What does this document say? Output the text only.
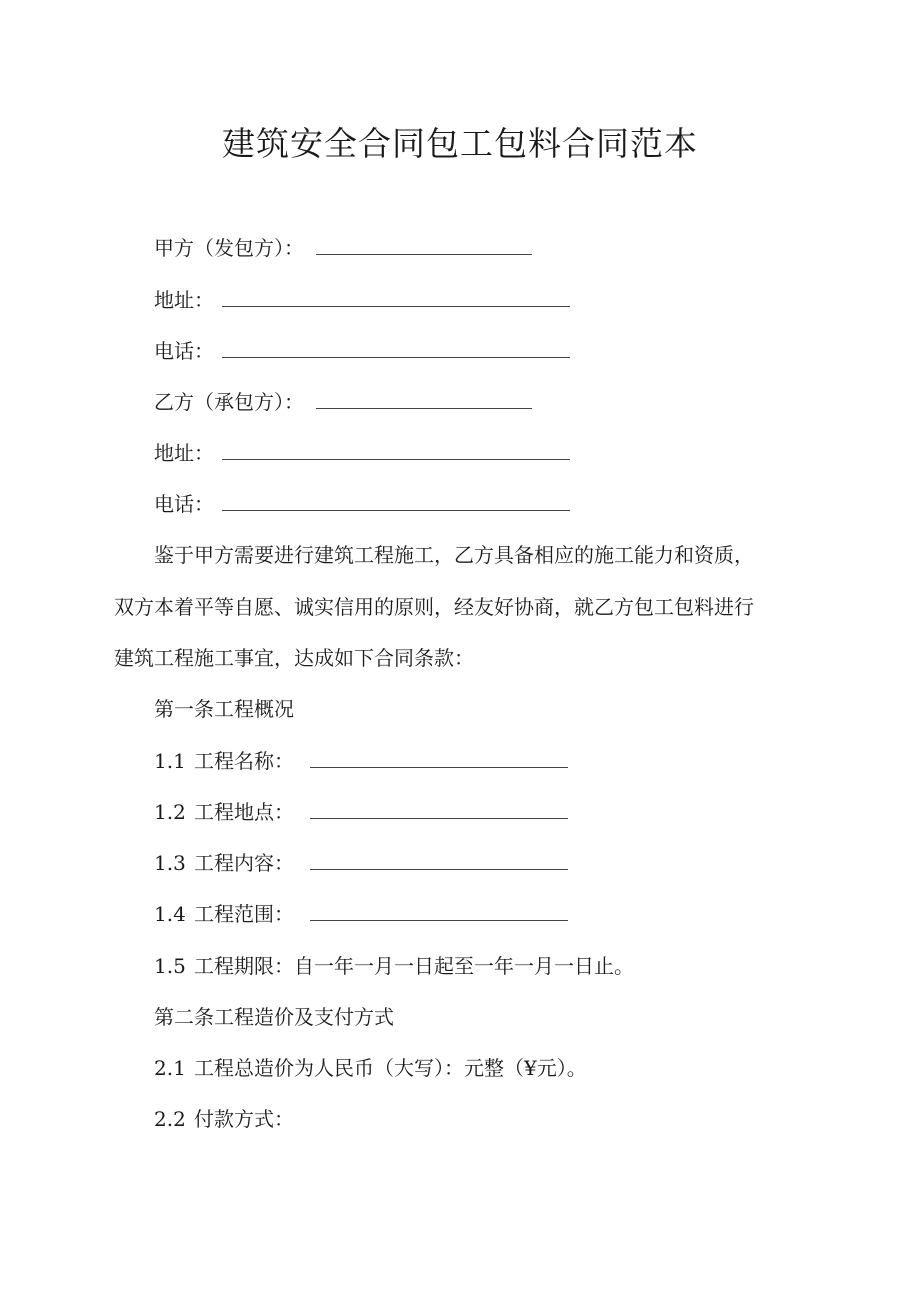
建筑安全合同包工包料合同范本
甲方（发包方）：
地址：
电话：
乙方（承包方）：
地址：
电话：
鉴于甲方需要进行建筑工程施工，乙方具备相应的施工能力和资质，
双方本着平等自愿、诚实信用的原则，经友好协商，就乙方包工包料进行
建筑工程施工事宜，达成如下合同条款：
第一条工程概况
1.1 工程名称：
1.2 工程地点：
1.3 工程内容：
1.4 工程范围：
1.5 工程期限：自一年一月一日起至一年一月一日止。
第二条工程造价及支付方式
2.1 工程总造价为人民币（大写）：元整（¥元）。
2.2 付款方式：
